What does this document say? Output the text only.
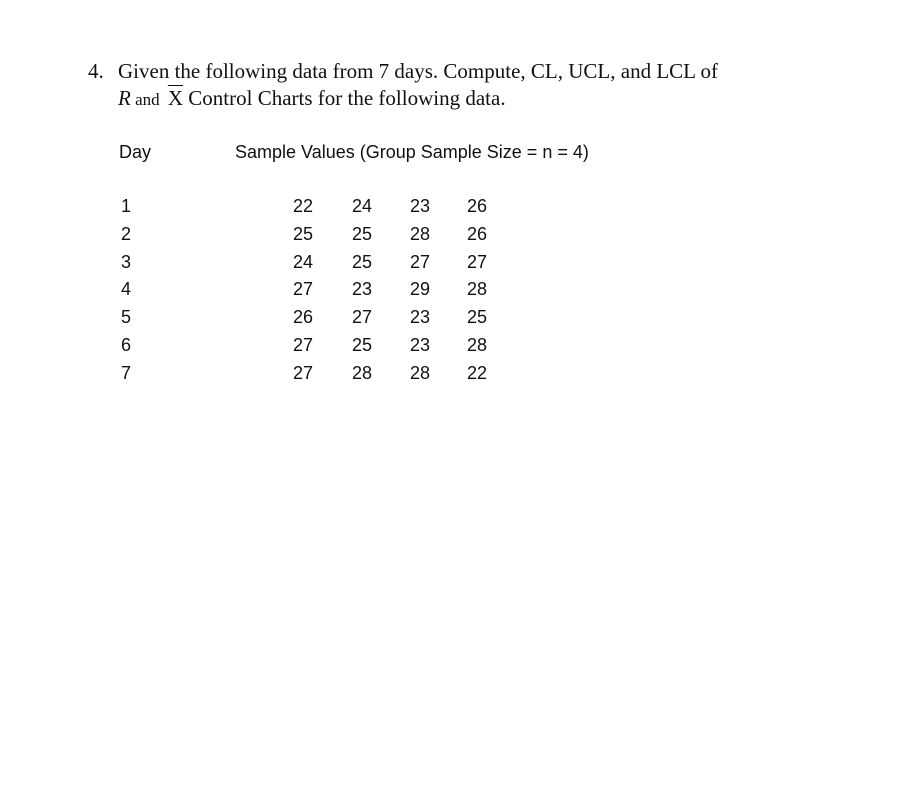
4. Given the following data from 7 days. Compute, CL, UCL, and LCL of
R and $\overline{X}$ Control Charts for the following data.
Day	Sample Values (Group Sample Size = n = 4)
1	22	24	23	26
2	25	25	28	26
3	24	25	27	27
4	27	23	29	28
5	26	27	23	25
6	27	25	23	28
7	27	28	28	22
